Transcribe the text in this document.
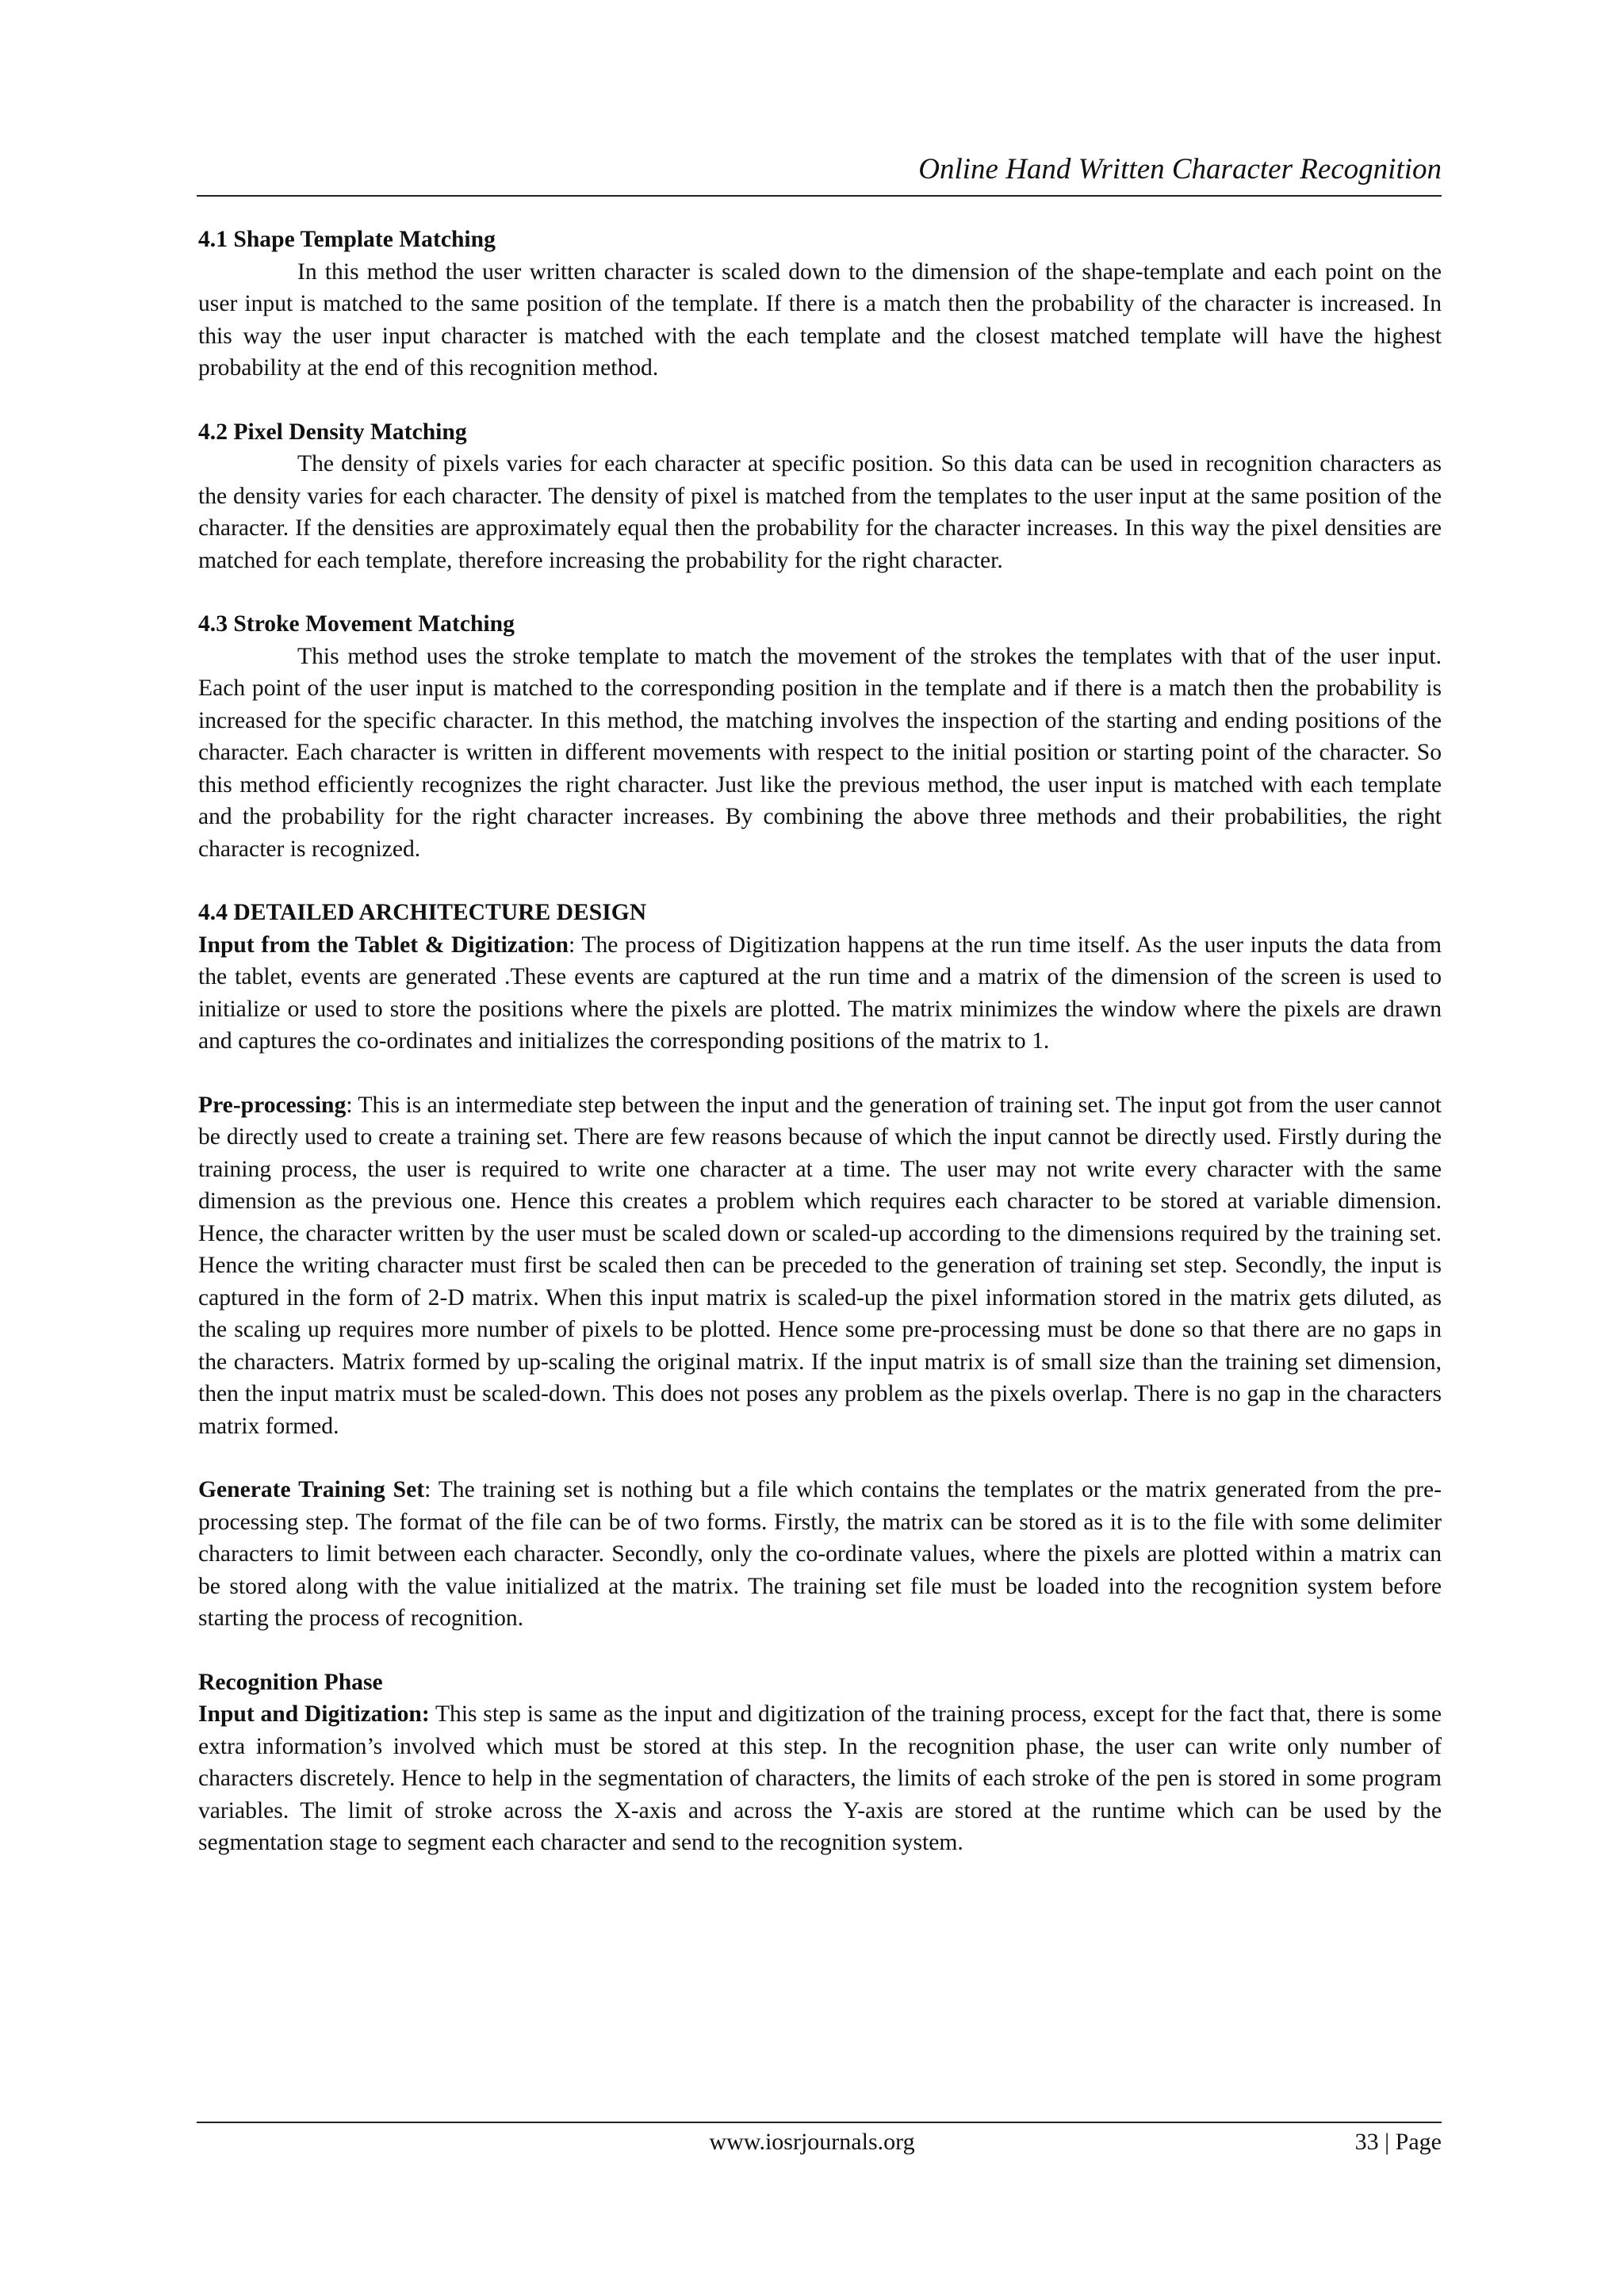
Online Hand Written Character Recognition

4.1 Shape Template Matching

In this method the user written character is scaled down to the dimension of the shape-template and each point on the user input is matched to the same position of the template. If there is a match then the probability of the character is increased. In this way the user input character is matched with the each template and the closest matched template will have the highest probability at the end of this recognition method.

4.2 Pixel Density Matching

The density of pixels varies for each character at specific position. So this data can be used in recognition characters as the density varies for each character. The density of pixel is matched from the templates to the user input at the same position of the character. If the densities are approximately equal then the probability for the character increases. In this way the pixel densities are matched for each template, therefore increasing the probability for the right character.

4.3 Stroke Movement Matching

This method uses the stroke template to match the movement of the strokes the templates with that of the user input. Each point of the user input is matched to the corresponding position in the template and if there is a match then the probability is increased for the specific character. In this method, the matching involves the inspection of the starting and ending positions of the character. Each character is written in different movements with respect to the initial position or starting point of the character. So this method efficiently recognizes the right character. Just like the previous method, the user input is matched with each template and the probability for the right character increases. By combining the above three methods and their probabilities, the right character is recognized.

4.4 DETAILED ARCHITECTURE DESIGN

Input from the Tablet & Digitization: The process of Digitization happens at the run time itself. As the user inputs the data from the tablet, events are generated .These events are captured at the run time and a matrix of the dimension of the screen is used to initialize or used to store the positions where the pixels are plotted. The matrix minimizes the window where the pixels are drawn and captures the co-ordinates and initializes the corresponding positions of the matrix to 1.

Pre-processing: This is an intermediate step between the input and the generation of training set. The input got from the user cannot be directly used to create a training set. There are few reasons because of which the input cannot be directly used. Firstly during the training process, the user is required to write one character at a time. The user may not write every character with the same dimension as the previous one. Hence this creates a problem which requires each character to be stored at variable dimension. Hence, the character written by the user must be scaled down or scaled-up according to the dimensions required by the training set. Hence the writing character must first be scaled then can be preceded to the generation of training set step. Secondly, the input is captured in the form of 2-D matrix. When this input matrix is scaled-up the pixel information stored in the matrix gets diluted, as the scaling up requires more number of pixels to be plotted. Hence some pre-processing must be done so that there are no gaps in the characters. Matrix formed by up-scaling the original matrix. If the input matrix is of small size than the training set dimension, then the input matrix must be scaled-down. This does not poses any problem as the pixels overlap. There is no gap in the characters matrix formed.

Generate Training Set: The training set is nothing but a file which contains the templates or the matrix generated from the pre-processing step. The format of the file can be of two forms. Firstly, the matrix can be stored as it is to the file with some delimiter characters to limit between each character. Secondly, only the co-ordinate values, where the pixels are plotted within a matrix can be stored along with the value initialized at the matrix. The training set file must be loaded into the recognition system before starting the process of recognition.

Recognition Phase

Input and Digitization: This step is same as the input and digitization of the training process, except for the fact that, there is some extra information’s involved which must be stored at this step. In the recognition phase, the user can write only number of characters discretely. Hence to help in the segmentation of characters, the limits of each stroke of the pen is stored in some program variables. The limit of stroke across the X-axis and across the Y-axis are stored at the runtime which can be used by the segmentation stage to segment each character and send to the recognition system.

www.iosrjournals.org	33 | Page
